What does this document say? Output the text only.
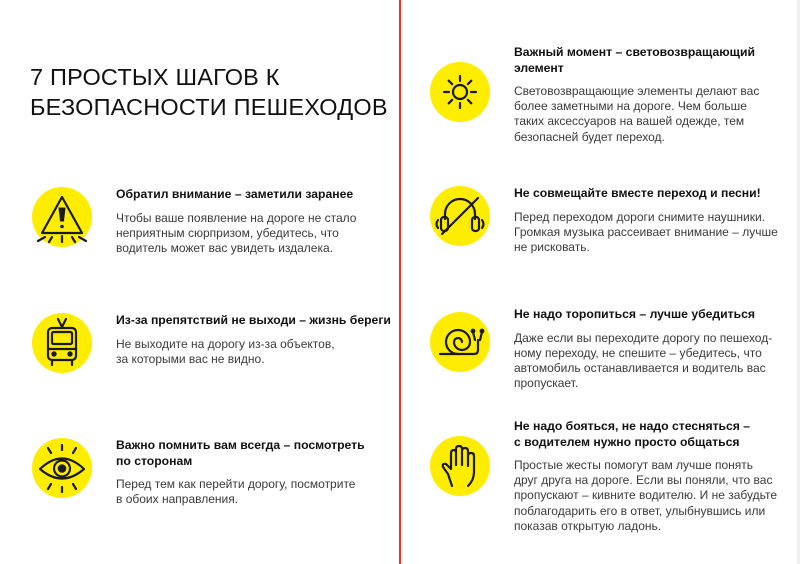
7 ПРОСТЫХ ШАГОВ К
БЕЗОПАСНОСТИ ПЕШЕХОДОВ

Обратил внимание – заметили заранее

Чтобы ваше появление на дороге не стало
неприятным сюрпризом, убедитесь, что
водитель может вас увидеть издалека.

Из-за препятствий не выходи – жизнь береги

Не выходите на дорогу из-за объектов,
за которыми вас не видно.

Важно помнить вам всегда – посмотреть
по сторонам

Перед тем как перейти дорогу, посмотрите
в обоих направления.

Важный момент – световозвращающий
элемент

Световозвращающие элементы делают вас
более заметными на дороге. Чем больше
таких аксессуаров на вашей одежде, тем
безопасней будет переход.

Не совмещайте вместе переход и песни!

Перед переходом дороги снимите наушники.
Громкая музыка рассеивает внимание – лучше
не рисковать.

Не надо торопиться – лучше убедиться

Даже если вы переходите дорогу по пешеход-
ному переходу, не спешите – убедитесь, что
автомобиль останавливается и водитель вас
пропускает.

Не надо бояться, не надо стесняться –
с водителем нужно просто общаться

Простые жесты помогут вам лучше понять
друг друга на дороге. Если вы поняли, что вас
пропускают – кивните водителю. И не забудьте
поблагодарить его в ответ, улыбнувшись или
показав открытую ладонь.
